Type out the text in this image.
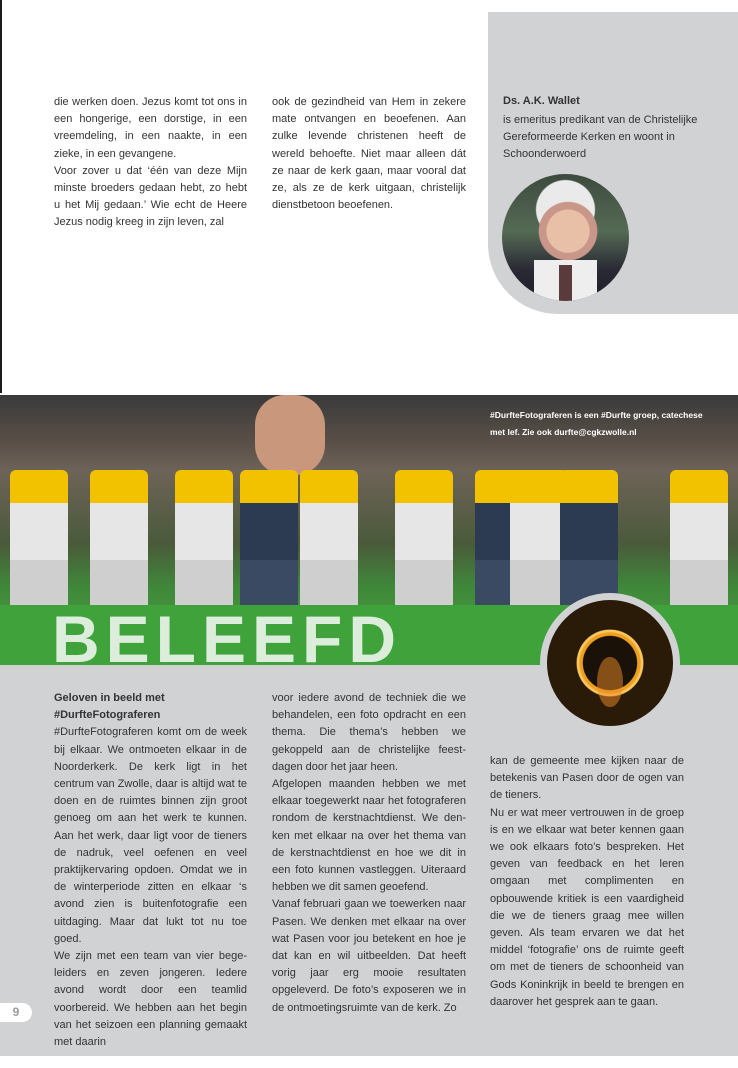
die werken doen. Jezus komt tot ons in een hongerige, een dorstige, in een vreemdeling, in een naakte, in een zieke, in een gevangene.

Voor zover u dat ‘één van deze Mijn minste broeders gedaan hebt, zo hebt u het Mij gedaan.’ Wie echt de Heere Jezus nodig kreeg in zijn leven, zal

ook de gezindheid van Hem in zekere mate ontvangen en beoefenen. Aan zulke levende christenen heeft de wereld behoefte. Niet maar alleen dát ze naar de kerk gaan, maar vooral dat ze, als ze de kerk uitgaan, christelijk dienstbetoon beoefenen.

Ds. A.K. Wallet
is emeritus predikant van de Christelijke Gereformeerde Kerken en woont in Schoonderwoerd
#DurfteFotograferen is een #Durfte groep, catechese met lef. Zie ook durfte@cgkzwolle.nl
BELEEFD

Geloven in beeld met

#DurfteFotograferen

#DurfteFotograferen komt om de week bij elkaar. We ontmoeten elkaar in de Noorderkerk. De kerk ligt in het centrum van Zwolle, daar is altijd wat te doen en de ruimtes binnen zijn groot genoeg om aan het werk te kunnen. Aan het werk, daar ligt voor de tieners de nadruk, veel oefenen en veel praktijkervaring opdoen. Omdat we in de winterperiode zitten en elkaar ‘s avond zien is buitenfotografie een uitdaging. Maar dat lukt tot nu toe goed.

We zijn met een team van vier begeleiders en zeven jongeren. Iedere avond wordt door een teamlid voorbereid. We hebben aan het begin van het seizoen een planning gemaakt met daarin

voor iedere avond de techniek die we behandelen, een foto opdracht en een thema. Die thema’s hebben we gekoppeld aan de christelijke feestdagen door het jaar heen.

Afgelopen maanden hebben we met elkaar toegewerkt naar het fotograferen rondom de kerstnachtdienst. We denken met elkaar na over het thema van de kerstnachtdienst en hoe we dit in een foto kunnen vastleggen. Uiteraard hebben we dit samen geoefend.

Vanaf februari gaan we toewerken naar Pasen. We denken met elkaar na over wat Pasen voor jou betekent en hoe je dat kan en wil uitbeelden. Dat heeft vorig jaar erg mooie resultaten opgeleverd. De foto’s exposeren we in de ontmoetingsruimte van de kerk. Zo

kan de gemeente mee kijken naar de betekenis van Pasen door de ogen van de tieners.

Nu er wat meer vertrouwen in de groep is en we elkaar wat beter kennen gaan we ook elkaars foto’s bespreken. Het geven van feedback en het leren omgaan met complimenten en opbouwende kritiek is een vaardigheid die we de tieners graag mee willen geven. Als team ervaren we dat het middel ‘fotografie’ ons de ruimte geeft om met de tieners de schoonheid van Gods Koninkrijk in beeld te brengen en daarover het gesprek aan te gaan.

9
